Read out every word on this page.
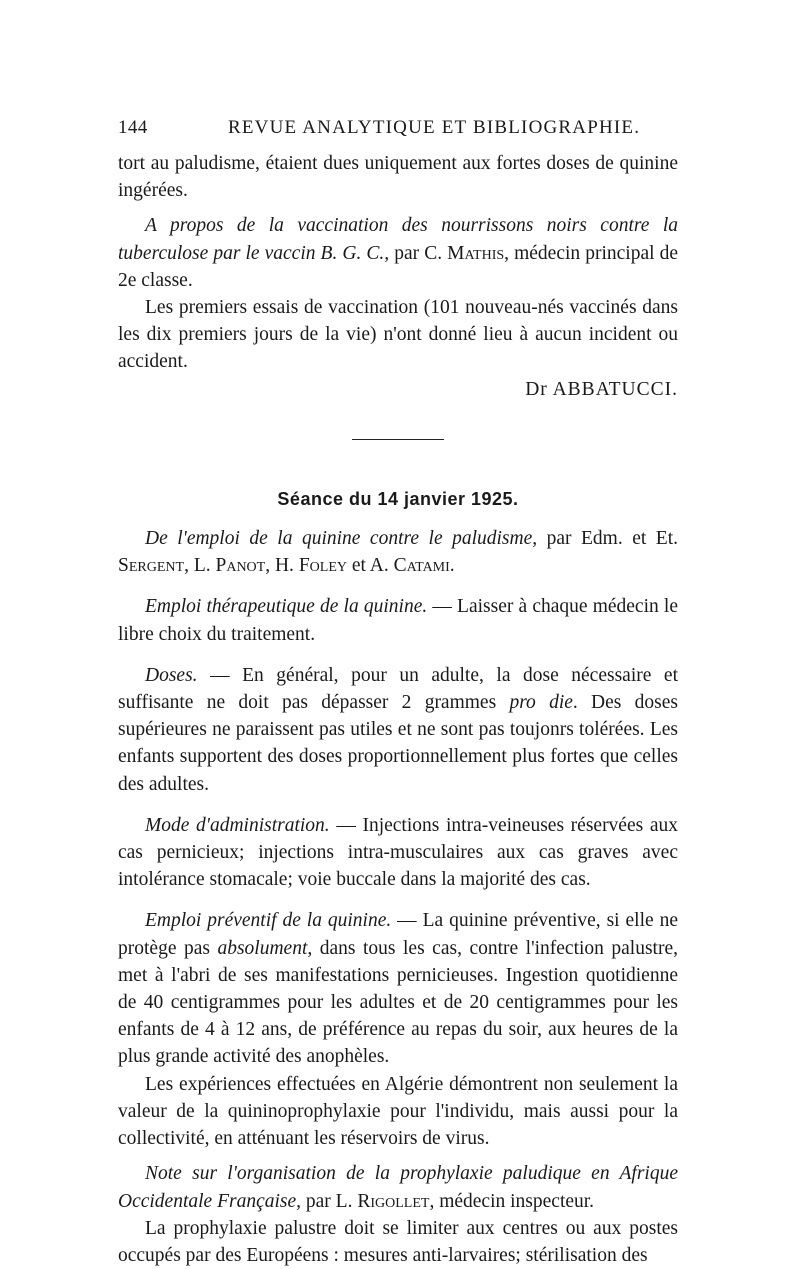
144	REVUE ANALYTIQUE ET BIBLIOGRAPHIE.

tort au paludisme, étaient dues uniquement aux fortes doses de quinine ingérées.

A propos de la vaccination des nourrissons noirs contre la tuberculose par le vaccin B. G. C., par C. Mathis, médecin principal de 2e classe.

Les premiers essais de vaccination (101 nouveau-nés vaccinés dans les dix premiers jours de la vie) n'ont donné lieu à aucun incident ou accident.

Dr ABBATUCCI.

Séance du 14 janvier 1925.

De l'emploi de la quinine contre le paludisme, par Edm. et Et. Sergent, L. Panot, H. Foley et A. Catami.

Emploi thérapeutique de la quinine. — Laisser à chaque médecin le libre choix du traitement.

Doses. — En général, pour un adulte, la dose nécessaire et suffisante ne doit pas dépasser 2 grammes pro die. Des doses supérieures ne paraissent pas utiles et ne sont pas toujonrs tolérées. Les enfants supportent des doses proportionnellement plus fortes que celles des adultes.

Mode d'administration. — Injections intra-veineuses réservées aux cas pernicieux; injections intra-musculaires aux cas graves avec intolérance stomacale; voie buccale dans la majorité des cas.

Emploi préventif de la quinine. — La quinine préventive, si elle ne protège pas absolument, dans tous les cas, contre l'infection palustre, met à l'abri de ses manifestations pernicieuses. Ingestion quotidienne de 40 centigrammes pour les adultes et de 20 centigrammes pour les enfants de 4 à 12 ans, de préférence au repas du soir, aux heures de la plus grande activité des anophèles.

Les expériences effectuées en Algérie démontrent non seulement la valeur de la quininoprophylaxie pour l'individu, mais aussi pour la collectivité, en atténuant les réservoirs de virus.

Note sur l'organisation de la prophylaxie paludique en Afrique Occidentale Française, par L. Rigollet, médecin inspecteur.

La prophylaxie palustre doit se limiter aux centres ou aux postes occupés par des Européens : mesures anti-larvaires; stérilisation des
